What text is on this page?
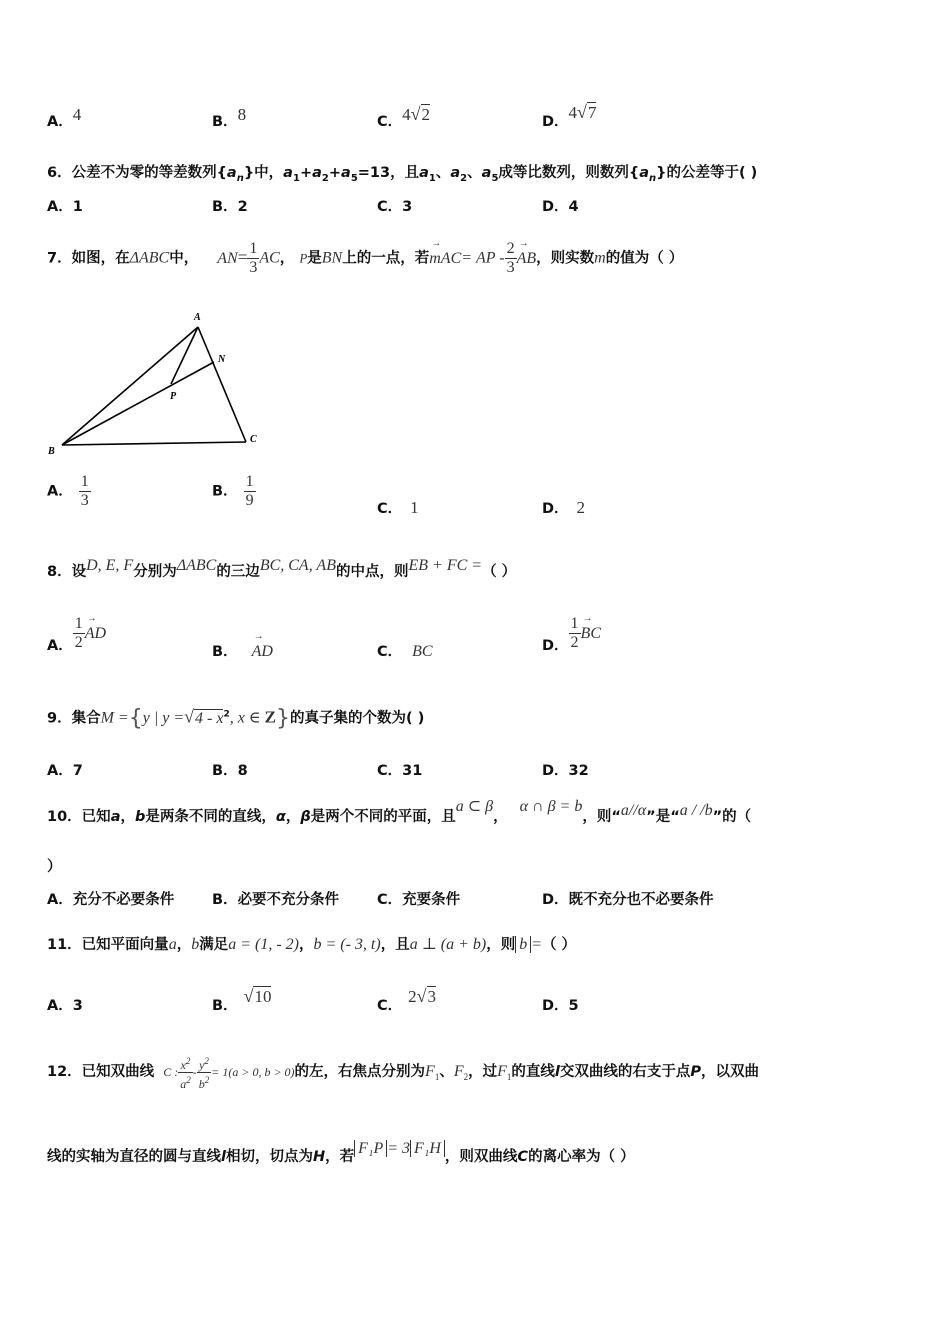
A．4	B．8	C．4√2	D．4√7
6．公差不为零的等差数列$\{a_n\}$中，$a_1+a_2+a_5=13$，且$a_1$、$a_2$、$a_5$成等比数列，则数列$\{a_n\}$的公差等于( )
A．1	B．2	C．3	D．4
7．如图，在ΔABC中， $AN= \frac{1}{3}$ AC， P是BN上的一点，若→ mAC= AP - $\frac{2}{3}$ → AB，则实数m的值为（ ）
A
B
C
N
P
A． $\frac{1}{3}$	B． $\frac{1}{9}$	C． 1	D． 2
8．设D, E, F分别为ΔABC的三边BC, CA, AB的中点，则EB + FC =（ ）
A． $\frac{1}{2}$ → AD
B． → AD	C． BC	D． $\frac{1}{2}$ → BC
9．集合M ={y | $y =√4 - x^2$, x ∈ Z}的真子集的个数为( )
A．7	B．8	C．31	D．32
10．已知a，b是两条不同的直线，α，β是两个不同的平面，且a ⊂ β，α ∩ β = b，则“a//α”是“a / /b”的（
）
A．充分不必要条件	B．必要不充分条件	C．充要条件	D．既不充分也不必要条件
11．已知平面向量a，b满足a = (1, - 2)，b = (- 3, t)，且a ⊥ (a + b)，则 b =（ ）
A．3	B． √10	C． 2√3	D．5
12．已知双曲线 C : $\frac{x^2}{a^2} - \frac{y^2}{b^2} = 1(a > 0$, b > 0)的左，右焦点分别为$F_1$、$F_2$，过$F_1$的直线l交双曲线的右支于点P，以双曲
线的实轴为直径的圆与直线l相切，切点为H，若 F₁P = 3 F₁H ，则双曲线C的离心率为（ ）
